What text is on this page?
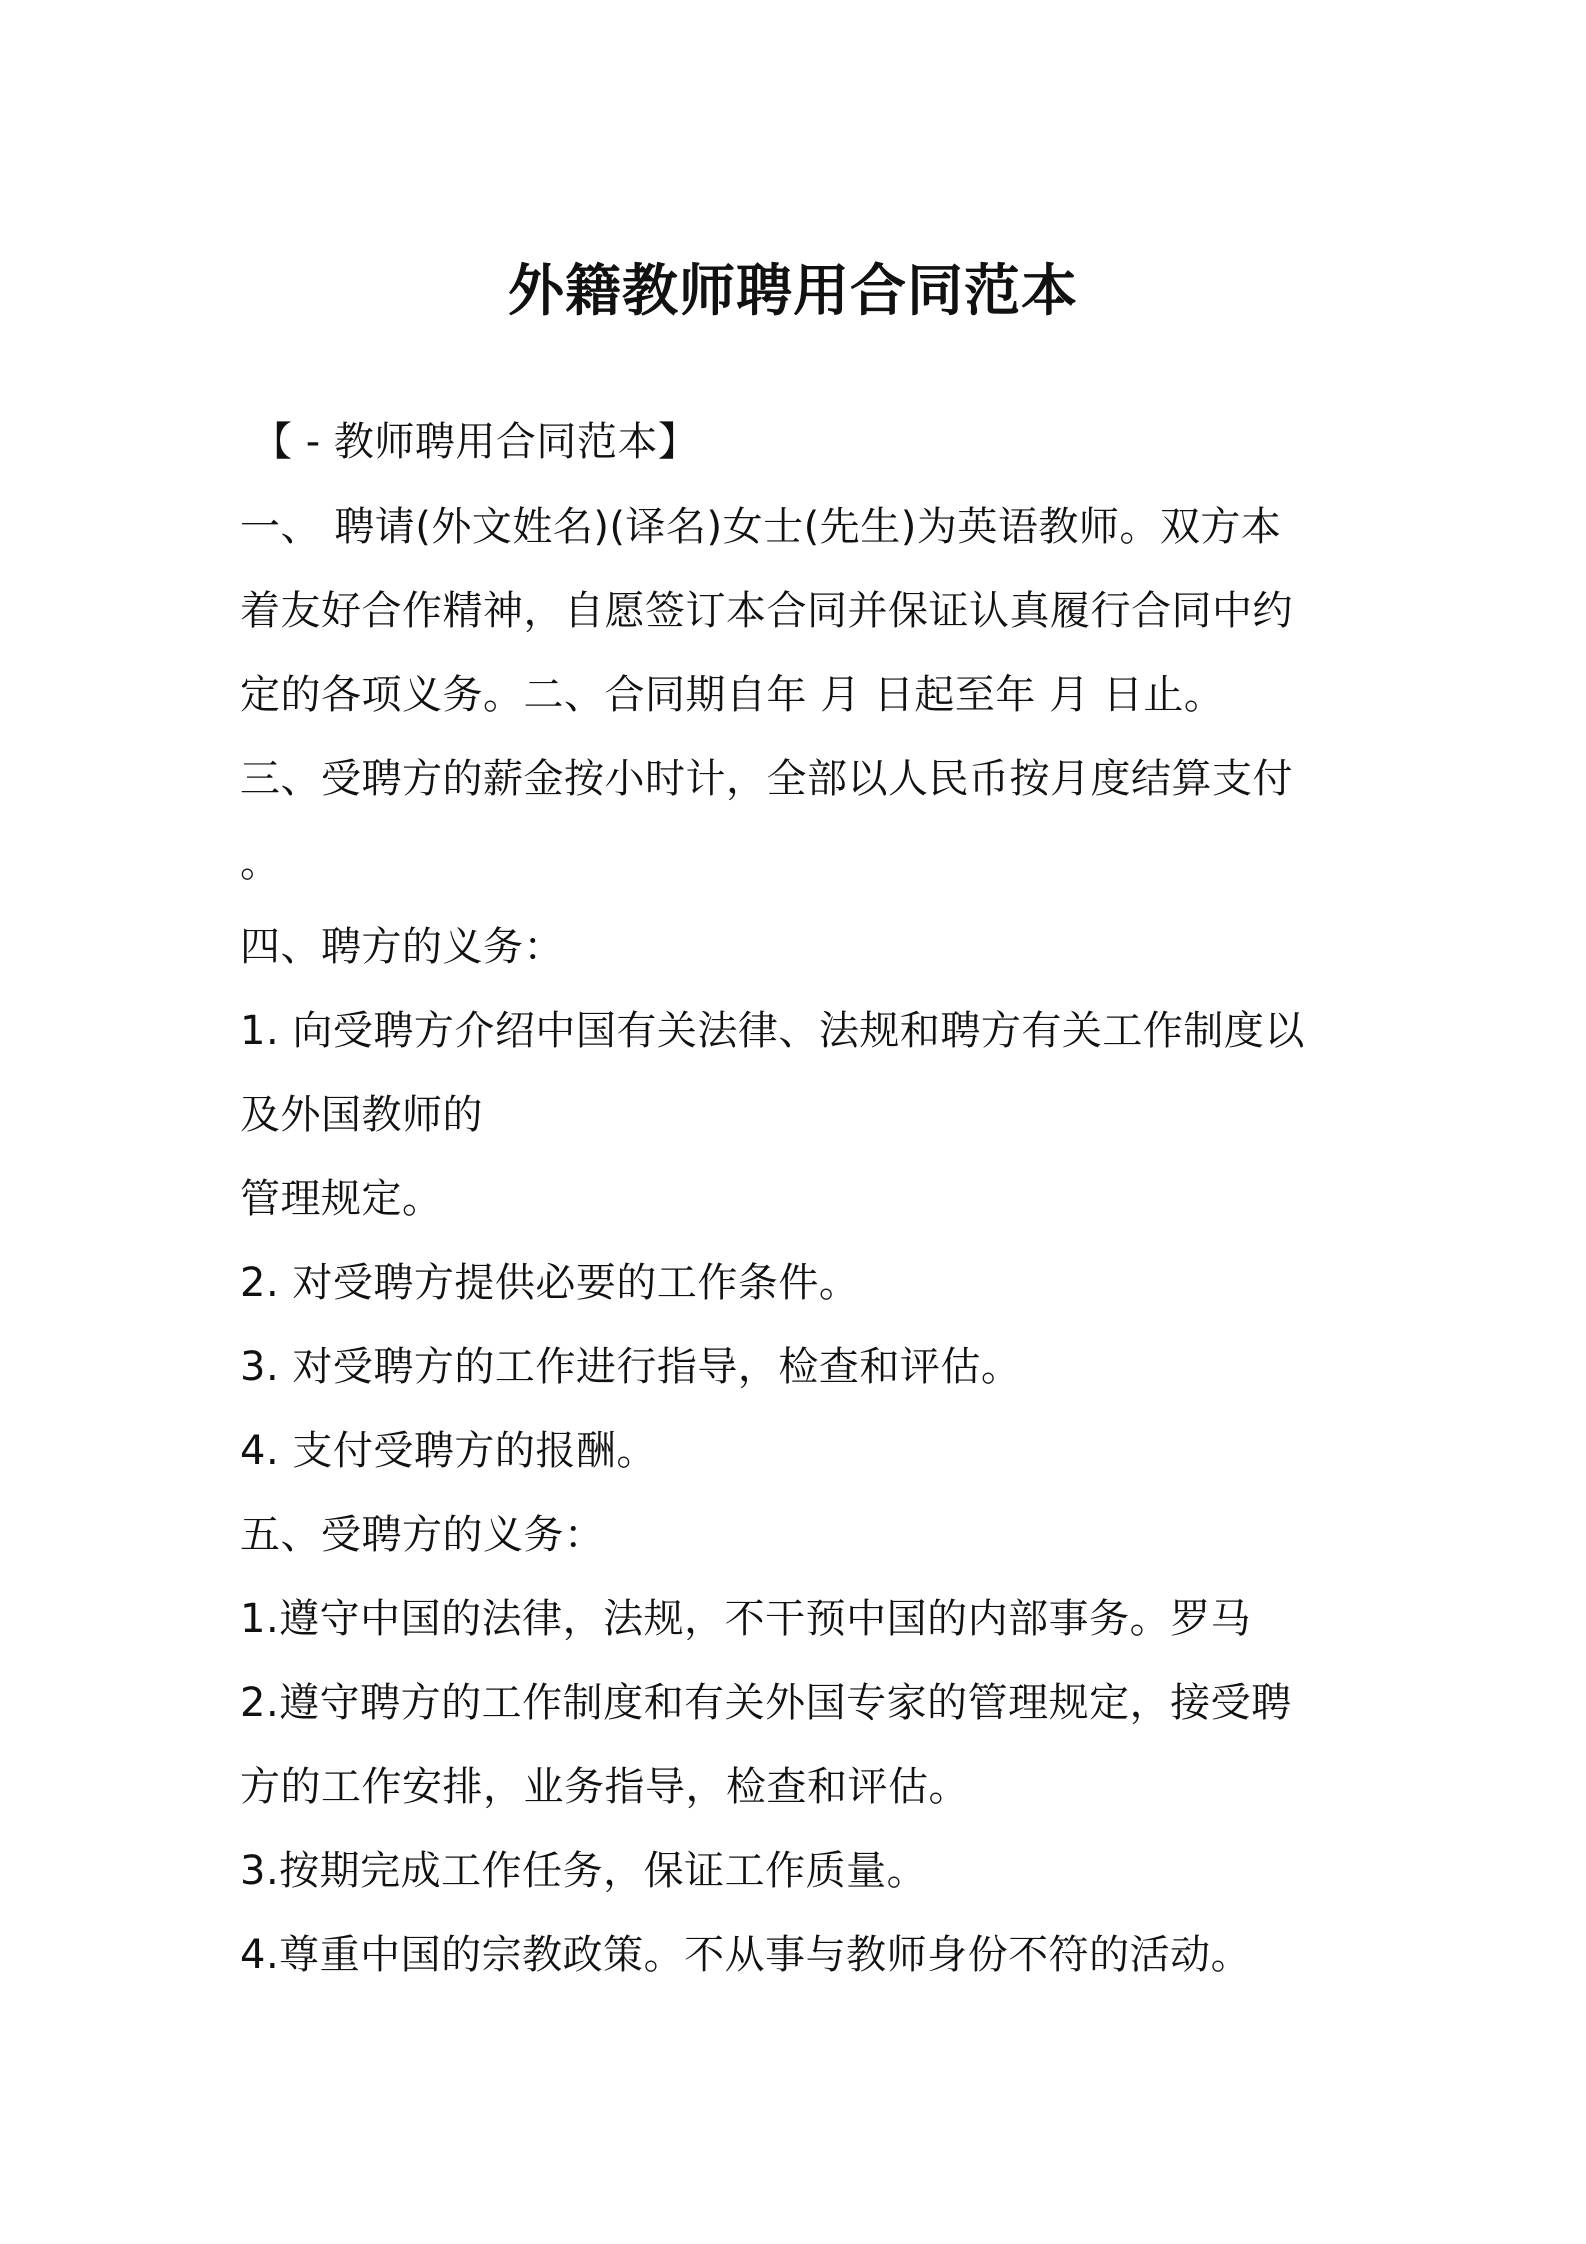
外籍教师聘用合同范本
【 - 教师聘用合同范本】
一、 聘请(外文姓名)(译名)女士(先生)为英语教师。双方本
着友好合作精神，自愿签订本合同并保证认真履行合同中约
定的各项义务。二、合同期自年 月 日起至年 月 日止。
三、受聘方的薪金按小时计，全部以人民币按月度结算支付
。
四、聘方的义务：
1. 向受聘方介绍中国有关法律、法规和聘方有关工作制度以
及外国教师的
管理规定。
2. 对受聘方提供必要的工作条件。
3. 对受聘方的工作进行指导，检查和评估。
4. 支付受聘方的报酬。
五、受聘方的义务：
1.遵守中国的法律，法规，不干预中国的内部事务。罗马
2.遵守聘方的工作制度和有关外国专家的管理规定，接受聘
方的工作安排，业务指导，检查和评估。
3.按期完成工作任务，保证工作质量。
4.尊重中国的宗教政策。不从事与教师身份不符的活动。
